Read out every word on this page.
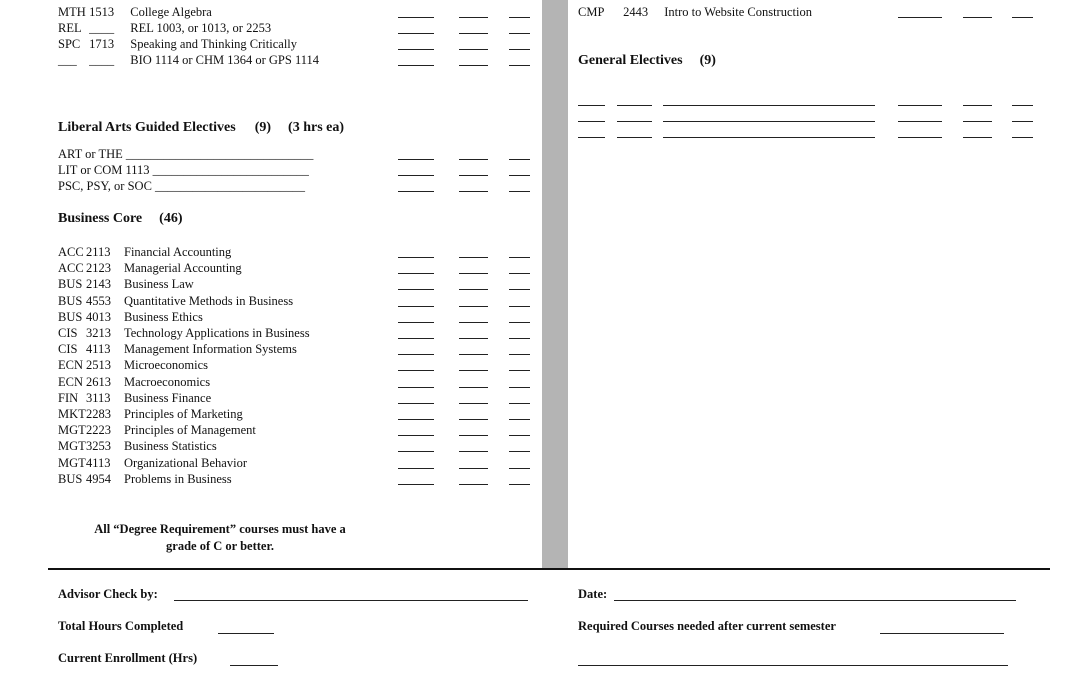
MTH 1513 College Algebra
REL ____ REL 1003, or 1013, or 2253
SPC 1713 Speaking and Thinking Critically
___ ____ BIO 1114 or CHM 1364 or GPS 1114
Liberal Arts Guided Electives (9) (3 hrs ea)
ART or THE ______________________________
LIT or COM 1113 _________________________
PSC, PSY, or SOC ________________________
Business Core (46)
ACC 2113 Financial Accounting
ACC 2123 Managerial Accounting
BUS 2143 Business Law
BUS 4553 Quantitative Methods in Business
BUS 4013 Business Ethics
CIS 3213 Technology Applications in Business
CIS 4113 Management Information Systems
ECN 2513 Microeconomics
ECN 2613 Macroeconomics
FIN 3113 Business Finance
MKT2283 Principles of Marketing
MGT2223 Principles of Management
MGT3253 Business Statistics
MGT4113 Organizational Behavior
BUS 4954 Problems in Business
All “Degree Requirement” courses must have a
grade of C or better.
CMP 2443 Intro to Website Construction
General Electives (9)
Advisor Check by:	Date:
Total Hours Completed	Required Courses needed after current semester
Current Enrollment (Hrs)
